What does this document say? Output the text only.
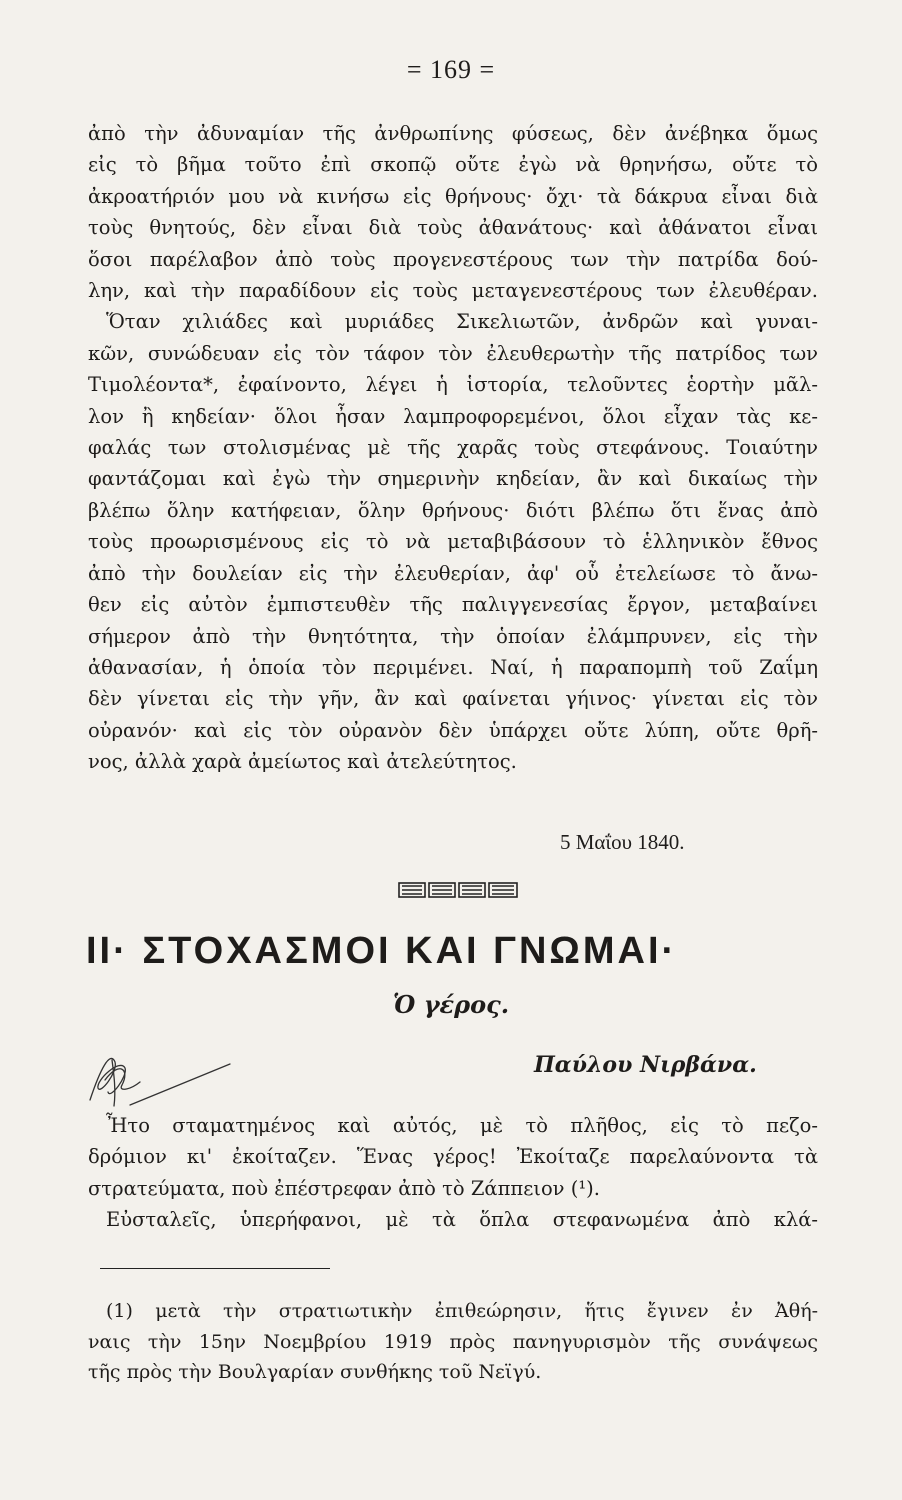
= 169 =
ἀπὸ τὴν ἀδυναμίαν τῆς ἀνθρωπίνης φύσεως, δὲν ἀνέβηκα ὅμως
εἰς τὸ βῆμα τοῦτο ἐπὶ σκοπῷ οὔτε ἐγὼ νὰ θρηνήσω, οὔτε τὸ
ἀκροατήριόν μου νὰ κινήσω εἰς θρήνους· ὄχι· τὰ δάκρυα εἶναι διὰ
τοὺς θνητούς, δὲν εἶναι διὰ τοὺς ἀθανάτους· καὶ ἀθάνατοι εἶναι
ὅσοι παρέλαβον ἀπὸ τοὺς προγενεστέρους των τὴν πατρίδα δού-
λην, καὶ τὴν παραδίδουν εἰς τοὺς μεταγενεστέρους των ἐλευθέραν.
Ὅταν χιλιάδες καὶ μυριάδες Σικελιωτῶν, ἀνδρῶν καὶ γυναι-
κῶν, συνώδευαν εἰς τὸν τάφον τὸν ἐλευθερωτὴν τῆς πατρίδος των
Τιμολέοντα*, ἐφαίνοντο, λέγει ἡ ἱστορία, τελοῦντες ἑορτὴν μᾶλ-
λον ἢ κηδείαν· ὅλοι ἦσαν λαμπροφορεμένοι, ὅλοι εἶχαν τὰς κε-
φαλάς των στολισμένας μὲ τῆς χαρᾶς τοὺς στεφάνους. Τοιαύτην
φαντάζομαι καὶ ἐγὼ τὴν σημερινὴν κηδείαν, ἂν καὶ δικαίως τὴν
βλέπω ὅλην κατήφειαν, ὅλην θρήνους· διότι βλέπω ὅτι ἕνας ἀπὸ
τοὺς προωρισμένους εἰς τὸ νὰ μεταβιβάσουν τὸ ἑλληνικὸν ἔθνος
ἀπὸ τὴν δουλείαν εἰς τὴν ἐλευθερίαν, ἀφ' οὗ ἐτελείωσε τὸ ἄνω-
θεν εἰς αὐτὸν ἐμπιστευθὲν τῆς παλιγγενεσίας ἔργον, μεταβαίνει
σήμερον ἀπὸ τὴν θνητότητα, τὴν ὁποίαν ἐλάμπρυνεν, εἰς τὴν
ἀθανασίαν, ἡ ὁποία τὸν περιμένει. Ναί, ἡ παραπομπὴ τοῦ Ζαΐμη
δὲν γίνεται εἰς τὴν γῆν, ἂν καὶ φαίνεται γήινος· γίνεται εἰς τὸν
οὐρανόν· καὶ εἰς τὸν οὐρανὸν δὲν ὑπάρχει οὔτε λύπη, οὔτε θρῆ-
νος, ἀλλὰ χαρὰ ἀμείωτος καὶ ἀτελεύτητος.
5 Μαΐου 1840.
ΙΙ· ΣΤΟΧΑΣΜΟΙ ΚΑΙ ΓΝΩΜΑΙ·
Ὁ γέρος.
Παύλου Νιρβάνα.
Ἦτο σταματημένος καὶ αὐτός, μὲ τὸ πλῆθος, εἰς τὸ πεζο-
δρόμιον κι' ἐκοίταζεν. Ἕνας γέρος! Ἐκοίταζε παρελαύνοντα τὰ
στρατεύματα, ποὺ ἐπέστρεφαν ἀπὸ τὸ Ζάππειον (¹).
Εὐσταλεῖς, ὑπερήφανοι, μὲ τὰ ὅπλα στεφανωμένα ἀπὸ κλά-
(1) μετὰ τὴν στρατιωτικὴν ἐπιθεώρησιν, ἥτις ἔγινεν ἐν Ἀθή-
ναις τὴν 15ην Νοεμβρίου 1919 πρὸς πανηγυρισμὸν τῆς συνάψεως
τῆς πρὸς τὴν Βουλγαρίαν συνθήκης τοῦ Νεϊγύ.
